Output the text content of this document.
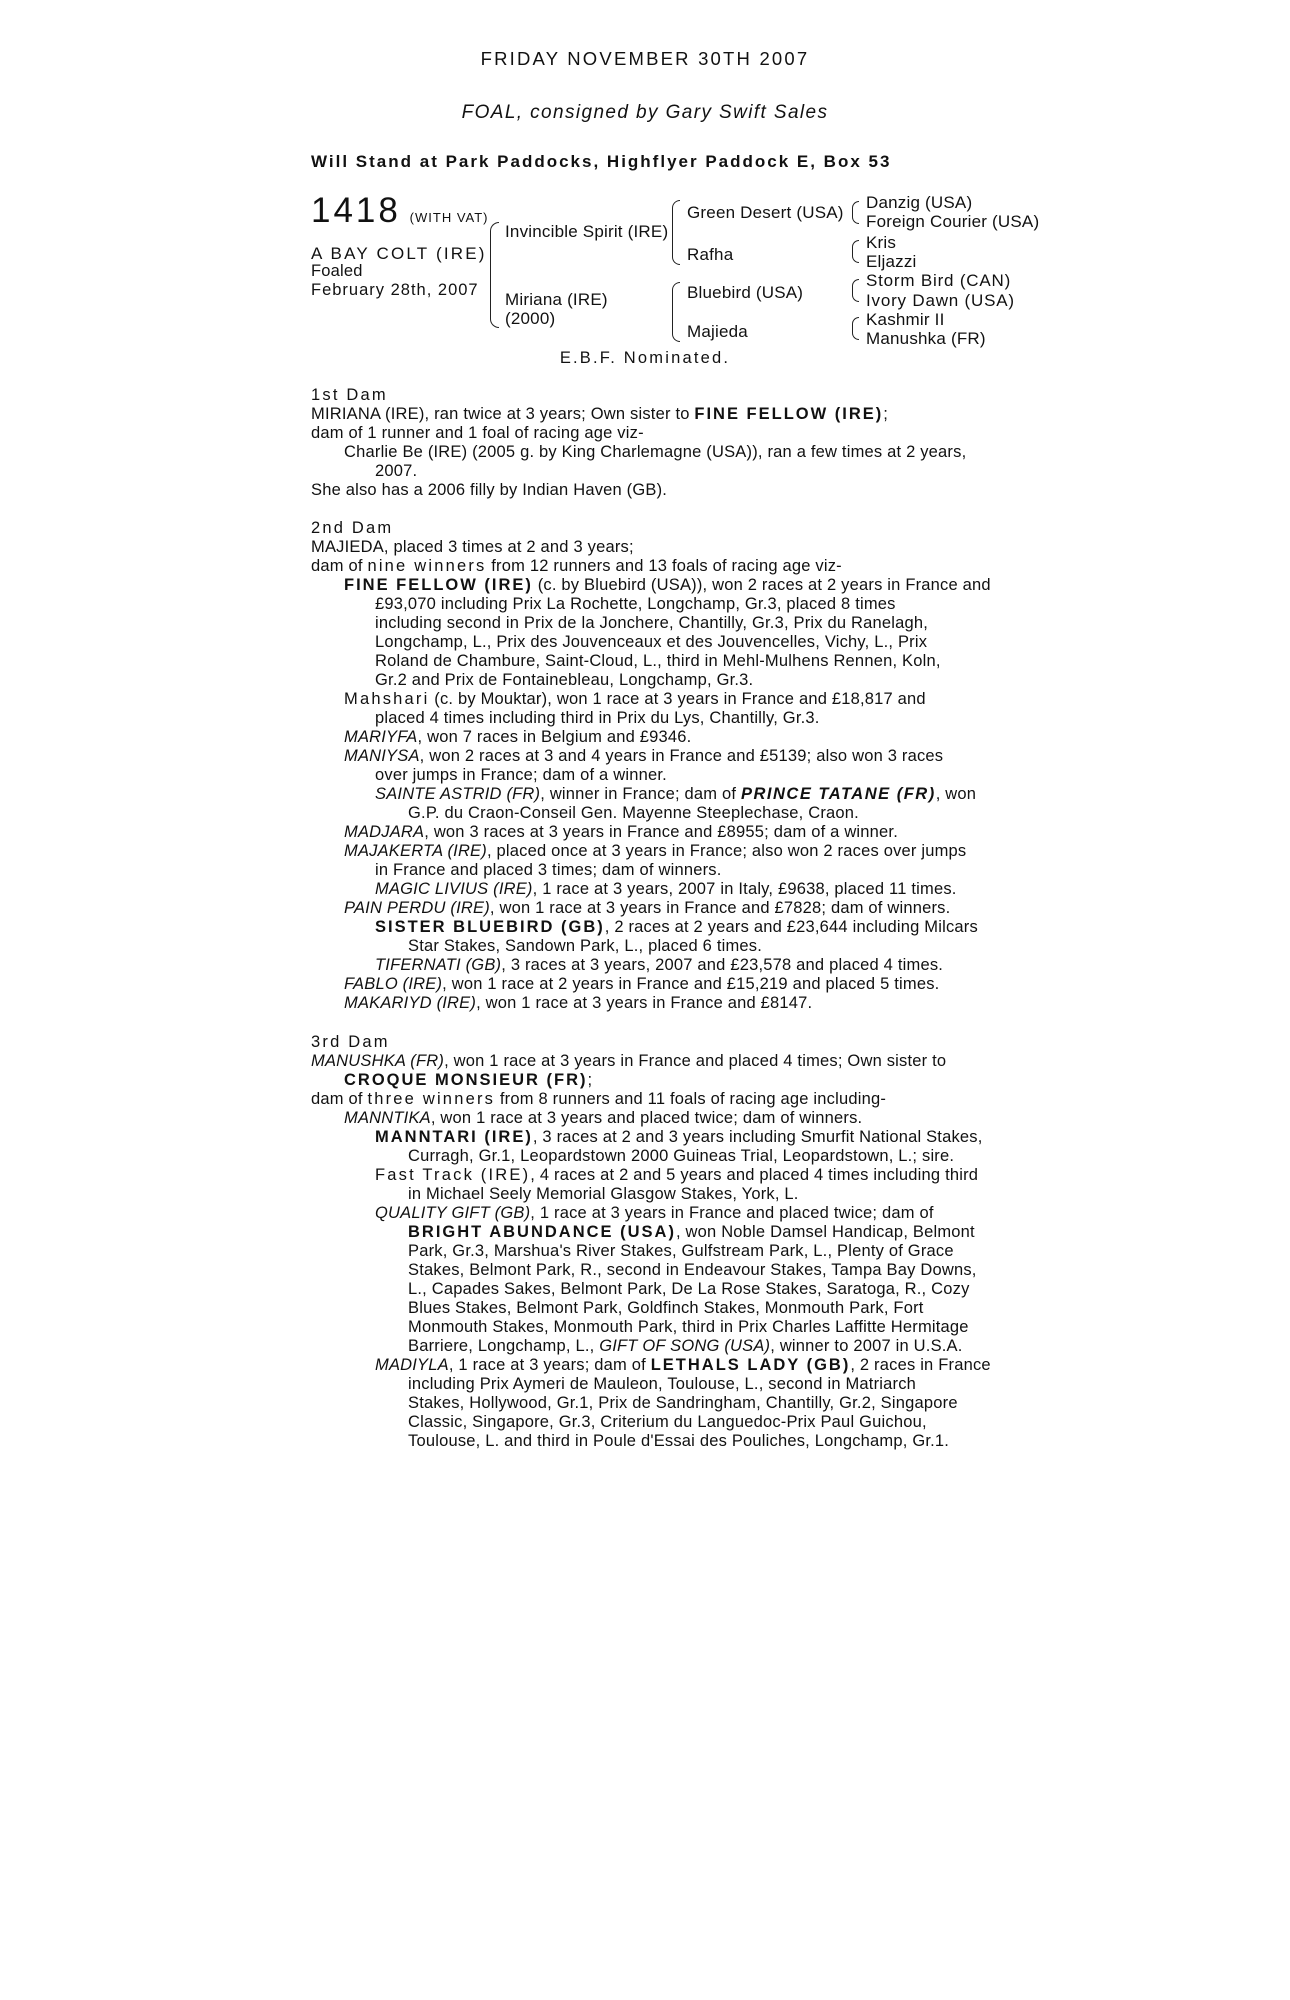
FRIDAY NOVEMBER 30TH 2007
FOAL, consigned by Gary Swift Sales
Will Stand at Park Paddocks, Highflyer Paddock E, Box 53
1418 (WITH VAT)
A BAY COLT (IRE)
Foaled
February 28th, 2007
Invincible Spirit (IRE)
Miriana (IRE)
(2000)
Green Desert (USA)
Rafha
Bluebird (USA)
Majieda
Danzig (USA)
Foreign Courier (USA)
Kris
Eljazzi
Storm Bird (CAN)
Ivory Dawn (USA)
Kashmir II
Manushka (FR)
E.B.F. Nominated.
1st Dam
MIRIANA (IRE), ran twice at 3 years; Own sister to FINE FELLOW (IRE);
dam of 1 runner and 1 foal of racing age viz-
Charlie Be (IRE) (2005 g. by King Charlemagne (USA)), ran a few times at 2 years,
2007.
She also has a 2006 filly by Indian Haven (GB).
2nd Dam
MAJIEDA, placed 3 times at 2 and 3 years;
dam of nine winners from 12 runners and 13 foals of racing age viz-
FINE FELLOW (IRE) (c. by Bluebird (USA)), won 2 races at 2 years in France and
£93,070 including Prix La Rochette, Longchamp, Gr.3, placed 8 times
including second in Prix de la Jonchere, Chantilly, Gr.3, Prix du Ranelagh,
Longchamp, L., Prix des Jouvenceaux et des Jouvencelles, Vichy, L., Prix
Roland de Chambure, Saint-Cloud, L., third in Mehl-Mulhens Rennen, Koln,
Gr.2 and Prix de Fontainebleau, Longchamp, Gr.3.
Mahshari (c. by Mouktar), won 1 race at 3 years in France and £18,817 and
placed 4 times including third in Prix du Lys, Chantilly, Gr.3.
MARIYFA, won 7 races in Belgium and £9346.
MANIYSA, won 2 races at 3 and 4 years in France and £5139; also won 3 races
over jumps in France; dam of a winner.
SAINTE ASTRID (FR), winner in France; dam of PRINCE TATANE (FR), won
G.P. du Craon-Conseil Gen. Mayenne Steeplechase, Craon.
MADJARA, won 3 races at 3 years in France and £8955; dam of a winner.
MAJAKERTA (IRE), placed once at 3 years in France; also won 2 races over jumps
in France and placed 3 times; dam of winners.
MAGIC LIVIUS (IRE), 1 race at 3 years, 2007 in Italy, £9638, placed 11 times.
PAIN PERDU (IRE), won 1 race at 3 years in France and £7828; dam of winners.
SISTER BLUEBIRD (GB), 2 races at 2 years and £23,644 including Milcars
Star Stakes, Sandown Park, L., placed 6 times.
TIFERNATI (GB), 3 races at 3 years, 2007 and £23,578 and placed 4 times.
FABLO (IRE), won 1 race at 2 years in France and £15,219 and placed 5 times.
MAKARIYD (IRE), won 1 race at 3 years in France and £8147.
3rd Dam
MANUSHKA (FR), won 1 race at 3 years in France and placed 4 times; Own sister to
CROQUE MONSIEUR (FR);
dam of three winners from 8 runners and 11 foals of racing age including-
MANNTIKA, won 1 race at 3 years and placed twice; dam of winners.
MANNTARI (IRE), 3 races at 2 and 3 years including Smurfit National Stakes,
Curragh, Gr.1, Leopardstown 2000 Guineas Trial, Leopardstown, L.; sire.
Fast Track (IRE), 4 races at 2 and 5 years and placed 4 times including third
in Michael Seely Memorial Glasgow Stakes, York, L.
QUALITY GIFT (GB), 1 race at 3 years in France and placed twice; dam of
BRIGHT ABUNDANCE (USA), won Noble Damsel Handicap, Belmont
Park, Gr.3, Marshua's River Stakes, Gulfstream Park, L., Plenty of Grace
Stakes, Belmont Park, R., second in Endeavour Stakes, Tampa Bay Downs,
L., Capades Sakes, Belmont Park, De La Rose Stakes, Saratoga, R., Cozy
Blues Stakes, Belmont Park, Goldfinch Stakes, Monmouth Park, Fort
Monmouth Stakes, Monmouth Park, third in Prix Charles Laffitte Hermitage
Barriere, Longchamp, L., GIFT OF SONG (USA), winner to 2007 in U.S.A.
MADIYLA, 1 race at 3 years; dam of LETHALS LADY (GB), 2 races in France
including Prix Aymeri de Mauleon, Toulouse, L., second in Matriarch
Stakes, Hollywood, Gr.1, Prix de Sandringham, Chantilly, Gr.2, Singapore
Classic, Singapore, Gr.3, Criterium du Languedoc-Prix Paul Guichou,
Toulouse, L. and third in Poule d'Essai des Pouliches, Longchamp, Gr.1.
